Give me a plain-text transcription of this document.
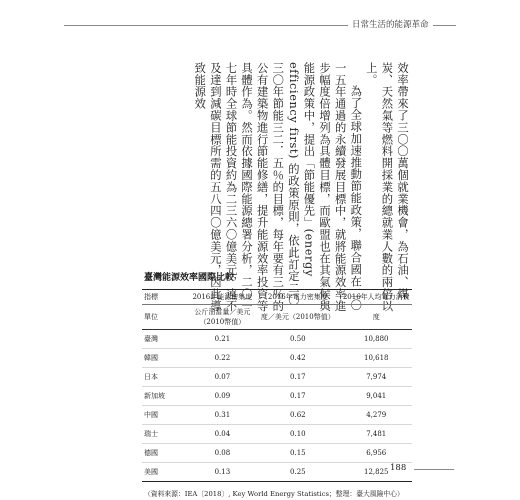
日常生活的能源革命

效率帶來了三〇〇萬個就業機會，為石油、煤炭、天然氣等燃料開採業的總就業人數的兩倍以上。

為了全球加速推動節能政策，聯合國在二〇一五年通過的永續發展目標中，就將能源效率進步幅度倍增列為具體目標，而歐盟也在其氣候與能源政策中，提出「節能優先」(energy efficiency first) 的政策原則，依此訂定二〇三〇年節能三二．五％的目標，每年要有三％的公有建築物進行節能修繕，提升能源效率投資等具體作為。然而依據國際能源總署分析，二〇一七年時全球節能投資約為二三六〇億美元，遠不及達到減碳目標所需的五八四〇億美元，因此導致能源效

臺灣能源效率國際比較
指標	2016年能源密集度	2016年電力密集度	2016年人均電力消費
單位	公斤油當量／美元（2010幣值）	度／美元（2010幣值）	度
臺灣	0.21	0.50	10,880
韓國	0.22	0.42	10,618
日本	0.07	0.17	7,974
新加坡	0.09	0.17	9,041
中國	0.31	0.62	4,279
瑞士	0.04	0.10	7,481
德國	0.08	0.15	6,956
美國	0.13	0.25	12,825
（資料來源：IEA〔2018〕, Key World Energy Statistics；整理：臺大風險中心）
188
